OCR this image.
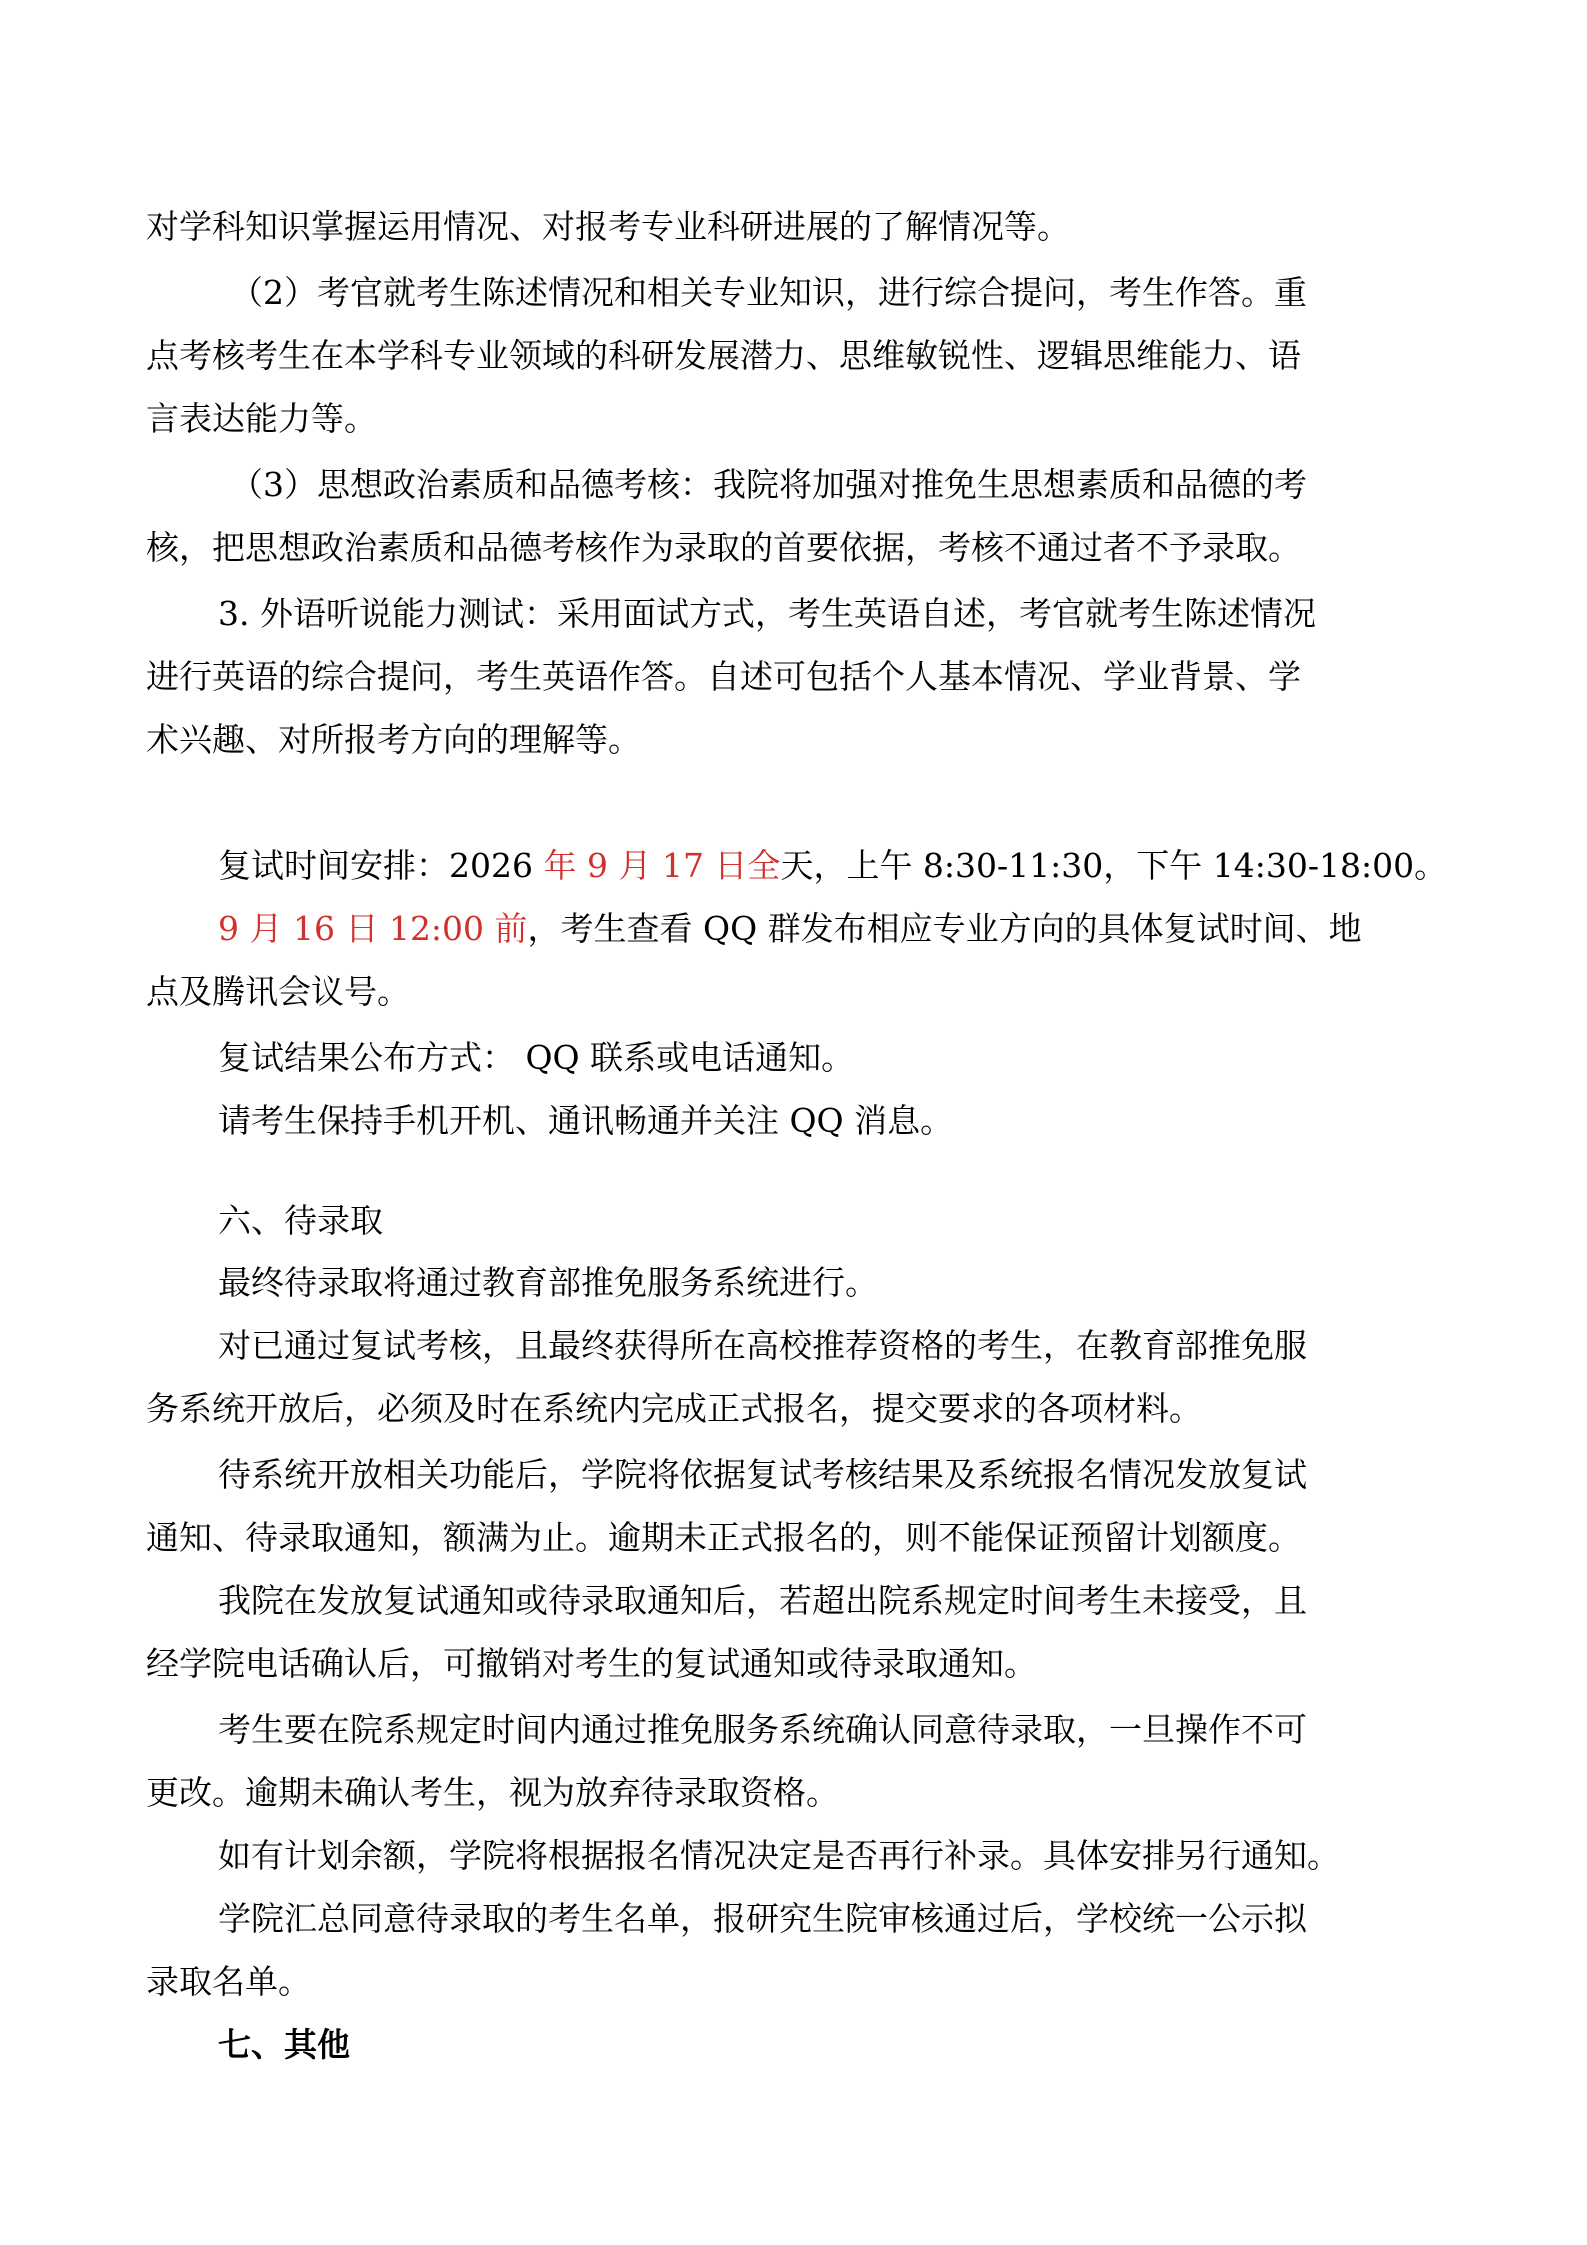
对学科知识掌握运用情况、对报考专业科研进展的了解情况等。
（2）考官就考生陈述情况和相关专业知识，进行综合提问，考生作答。重
点考核考生在本学科专业领域的科研发展潜力、思维敏锐性、逻辑思维能力、语
言表达能力等。
（3）思想政治素质和品德考核：我院将加强对推免生思想素质和品德的考
核，把思想政治素质和品德考核作为录取的首要依据，考核不通过者不予录取。
3. 外语听说能力测试：采用面试方式，考生英语自述，考官就考生陈述情况
进行英语的综合提问，考生英语作答。自述可包括个人基本情况、学业背景、学
术兴趣、对所报考方向的理解等。
复试时间安排：2026 年 9 月 17 日全天，上午 8:30-11:30，下午 14:30-18:00。
9 月 16 日 12:00 前，考生查看 QQ 群发布相应专业方向的具体复试时间、地
点及腾讯会议号。
复试结果公布方式： QQ 联系或电话通知。
请考生保持手机开机、通讯畅通并关注 QQ 消息。
六、待录取
最终待录取将通过教育部推免服务系统进行。
对已通过复试考核，且最终获得所在高校推荐资格的考生，在教育部推免服
务系统开放后，必须及时在系统内完成正式报名，提交要求的各项材料。
待系统开放相关功能后，学院将依据复试考核结果及系统报名情况发放复试
通知、待录取通知，额满为止。逾期未正式报名的，则不能保证预留计划额度。
我院在发放复试通知或待录取通知后，若超出院系规定时间考生未接受，且
经学院电话确认后，可撤销对考生的复试通知或待录取通知。
考生要在院系规定时间内通过推免服务系统确认同意待录取，一旦操作不可
更改。逾期未确认考生，视为放弃待录取资格。
如有计划余额，学院将根据报名情况决定是否再行补录。具体安排另行通知。
学院汇总同意待录取的考生名单，报研究生院审核通过后，学校统一公示拟
录取名单。
七、其他
